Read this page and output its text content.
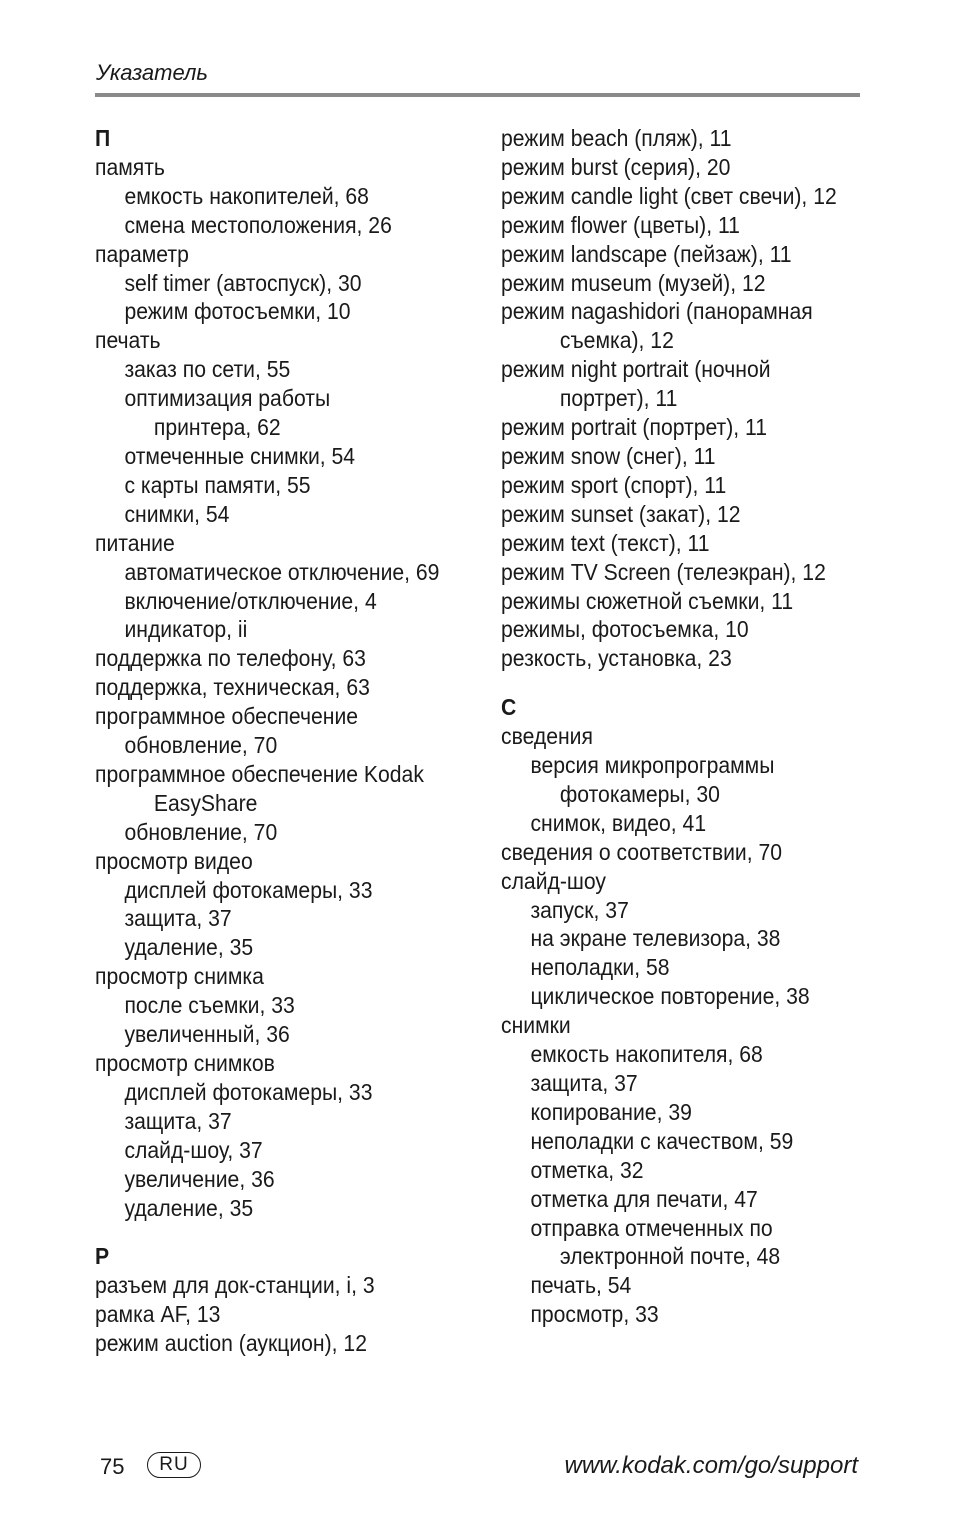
Указатель
П
память
емкость накопителей, 68
смена местоположения, 26
параметр
self timer (автоспуск), 30
режим фотосъемки, 10
печать
заказ по сети, 55
оптимизация работы
принтера, 62
отмеченные снимки, 54
с карты памяти, 55
снимки, 54
питание
автоматическое отключение, 69
включение/отключение, 4
индикатор, ii
поддержка по телефону, 63
поддержка, техническая, 63
программное обеспечение
обновление, 70
программное обеспечение Kodak
EasyShare
обновление, 70
просмотр видео
дисплей фотокамеры, 33
защита, 37
удаление, 35
просмотр снимка
после съемки, 33
увеличенный, 36
просмотр снимков
дисплей фотокамеры, 33
защита, 37
слайд-шоу, 37
увеличение, 36
удаление, 35
Р
разъем для док-станции, i, 3
рамка AF, 13
режим auction (аукцион), 12
режим beach (пляж), 11
режим burst (серия), 20
режим candle light (свет свечи), 12
режим flower (цветы), 11
режим landscape (пейзаж), 11
режим museum (музей), 12
режим nagashidori (панорамная
съемка), 12
режим night portrait (ночной
портрет), 11
режим portrait (портрет), 11
режим snow (снег), 11
режим sport (спорт), 11
режим sunset (закат), 12
режим text (текст), 11
режим TV Screen (телеэкран), 12
режимы сюжетной съемки, 11
режимы, фотосъемка, 10
резкость, установка, 23
С
сведения
версия микропрограммы
фотокамеры, 30
снимок, видео, 41
сведения о соответствии, 70
слайд-шоу
запуск, 37
на экране телевизора, 38
неполадки, 58
циклическое повторение, 38
снимки
емкость накопителя, 68
защита, 37
копирование, 39
неполадки с качеством, 59
отметка, 32
отметка для печати, 47
отправка отмеченных по
электронной почте, 48
печать, 54
просмотр, 33
75	RU	www.kodak.com/go/support
